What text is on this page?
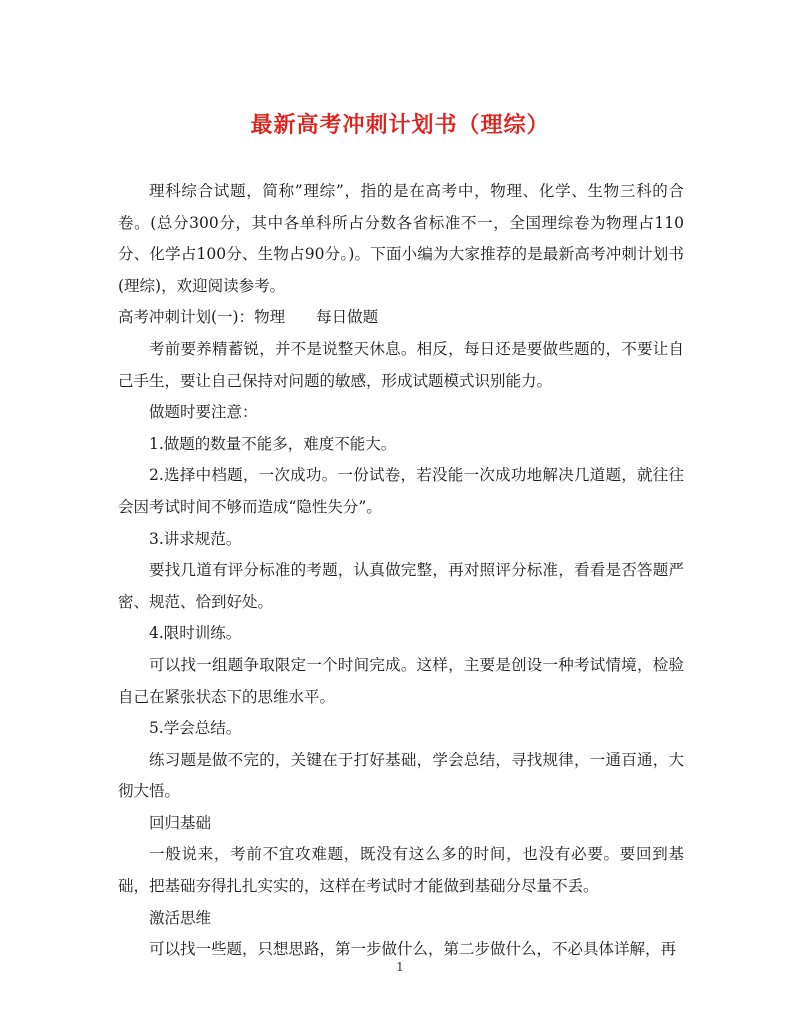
最新高考冲刺计划书（理综）

理科综合试题，简称”理综”，指的是在高考中，物理、化学、生物三科的合卷。(总分300分，其中各单科所占分数各省标准不一，全国理综卷为物理占110分、化学占100分、生物占90分。)。下面小编为大家推荐的是最新高考冲刺计划书(理综)，欢迎阅读参考。

高考冲刺计划(一)：物理　　每日做题

考前要养精蓄锐，并不是说整天休息。相反，每日还是要做些题的，不要让自己手生，要让自己保持对问题的敏感，形成试题模式识别能力。

做题时要注意：

1.做题的数量不能多，难度不能大。

2.选择中档题，一次成功。一份试卷，若没能一次成功地解决几道题，就往往会因考试时间不够而造成“隐性失分”。

3.讲求规范。

要找几道有评分标准的考题，认真做完整，再对照评分标准，看看是否答题严密、规范、恰到好处。

4.限时训练。

可以找一组题争取限定一个时间完成。这样，主要是创设一种考试情境，检验自己在紧张状态下的思维水平。

5.学会总结。

练习题是做不完的，关键在于打好基础，学会总结，寻找规律，一通百通，大彻大悟。

回归基础

一般说来，考前不宜攻难题，既没有这么多的时间，也没有必要。要回到基础，把基础夯得扎扎实实的，这样在考试时才能做到基础分尽量不丢。

激活思维

可以找一些题，只想思路，第一步做什么，第二步做什么，不必具体详解，再

1
